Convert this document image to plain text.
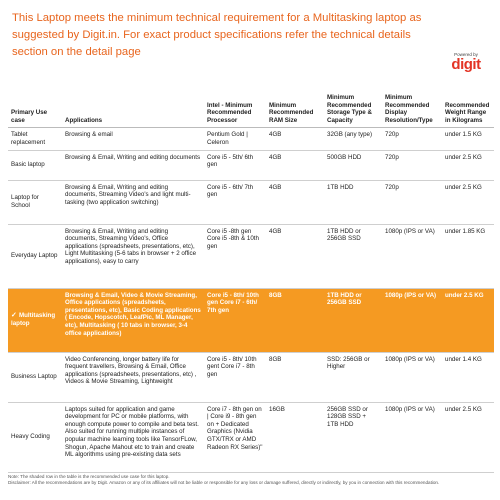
This Laptop meets the minimum technical requirement for a Multitasking laptop as suggested by Digit.in. For exact product specifications refer the technical details section on the detail page	Powered by
digit
Primary Use case	Applications	Intel - Minimum Recommended Processor	Minimum Recommended RAM Size	Minimum Recommended Storage Type & Capacity	Minimum Recommended Display Resolution/Type	Recommended Weight Range in Kilograms
Tablet replacement	Browsing & email	Pentium Gold | Celeron	4GB	32GB (any type)	720p	under 1.5 KG
Basic laptop	Browsing & Email, Writing and editing documents	Core i5 - 5th/ 6th gen	4GB	500GB HDD	720p	under 2.5 KG
Laptop for School	Browsing & Email, Writing and editing documents, Streaming Video's and light multi-tasking (two application switching)	Core i5 - 6th/ 7th gen	4GB	1TB HDD	720p	under 2.5 KG
Everyday Laptop	Browsing & Email, Writing and editing documents, Streaming Video's, Office applications (spreadsheets, presentations, etc), Light Multitasking (5-6 tabs in browser + 2 office applications), easy to carry	Core i5 -8th gen Core i5 -8th & 10th gen	4GB	1TB HDD or 256GB SSD	1080p (IPS or VA)	under 1.85 KG
✓ Multitasking laptop	Browsing & Email, Video & Movie Streaming, Office applications (spreadsheets, presentations, etc), Basic Coding applications ( Encode, Hopscotch, LeafPic, ML Manager, etc), Multitasking ( 10 tabs in browser, 3-4 office applications)	Core i5 - 8th/ 10th gen Core i7 - 6th/ 7th gen	8GB	1TB HDD or 256GB SSD	1080p (IPS or VA)	under 2.5 KG
Business Laptop	Video Conferencing, longer battery life for frequent travellers, Browsing & Email, Office applications (spreadsheets, presentations, etc) , Videos & Movie Streaming, Lightweight	Core i5 - 8th/ 10th gent Core i7 - 8th gen	8GB	SSD: 256GB or Higher	1080p (IPS or VA)	under 1.4 KG
Heavy Coding	Laptops suited for application and game development for PC or mobile platforms, with enough compute power to compile and beta test. Also suited for running multiple instances of popular machine learning tools like TensorFLow, Shogun, Apache Mahout etc to train and create ML algorithms using pre-existing data sets	Core i7 - 8th gen on | Core i9 - 8th gen on + Dedicated Graphics (Nvidia GTX/TRX or AMD Radeon RX Series)"	16GB	256GB SSD or 128GB SSD + 1TB HDD	1080p (IPS or VA)	under 2.5 KG
Note: The shaded row in the table is the recommended use case for this laptop.
Disclaimer: All the recommendations are by Digit. Amazon or any of its affiliates will not be liable or responsible for any loss or damage suffered, directly or indirectly, by you in connection with this recommendation.
